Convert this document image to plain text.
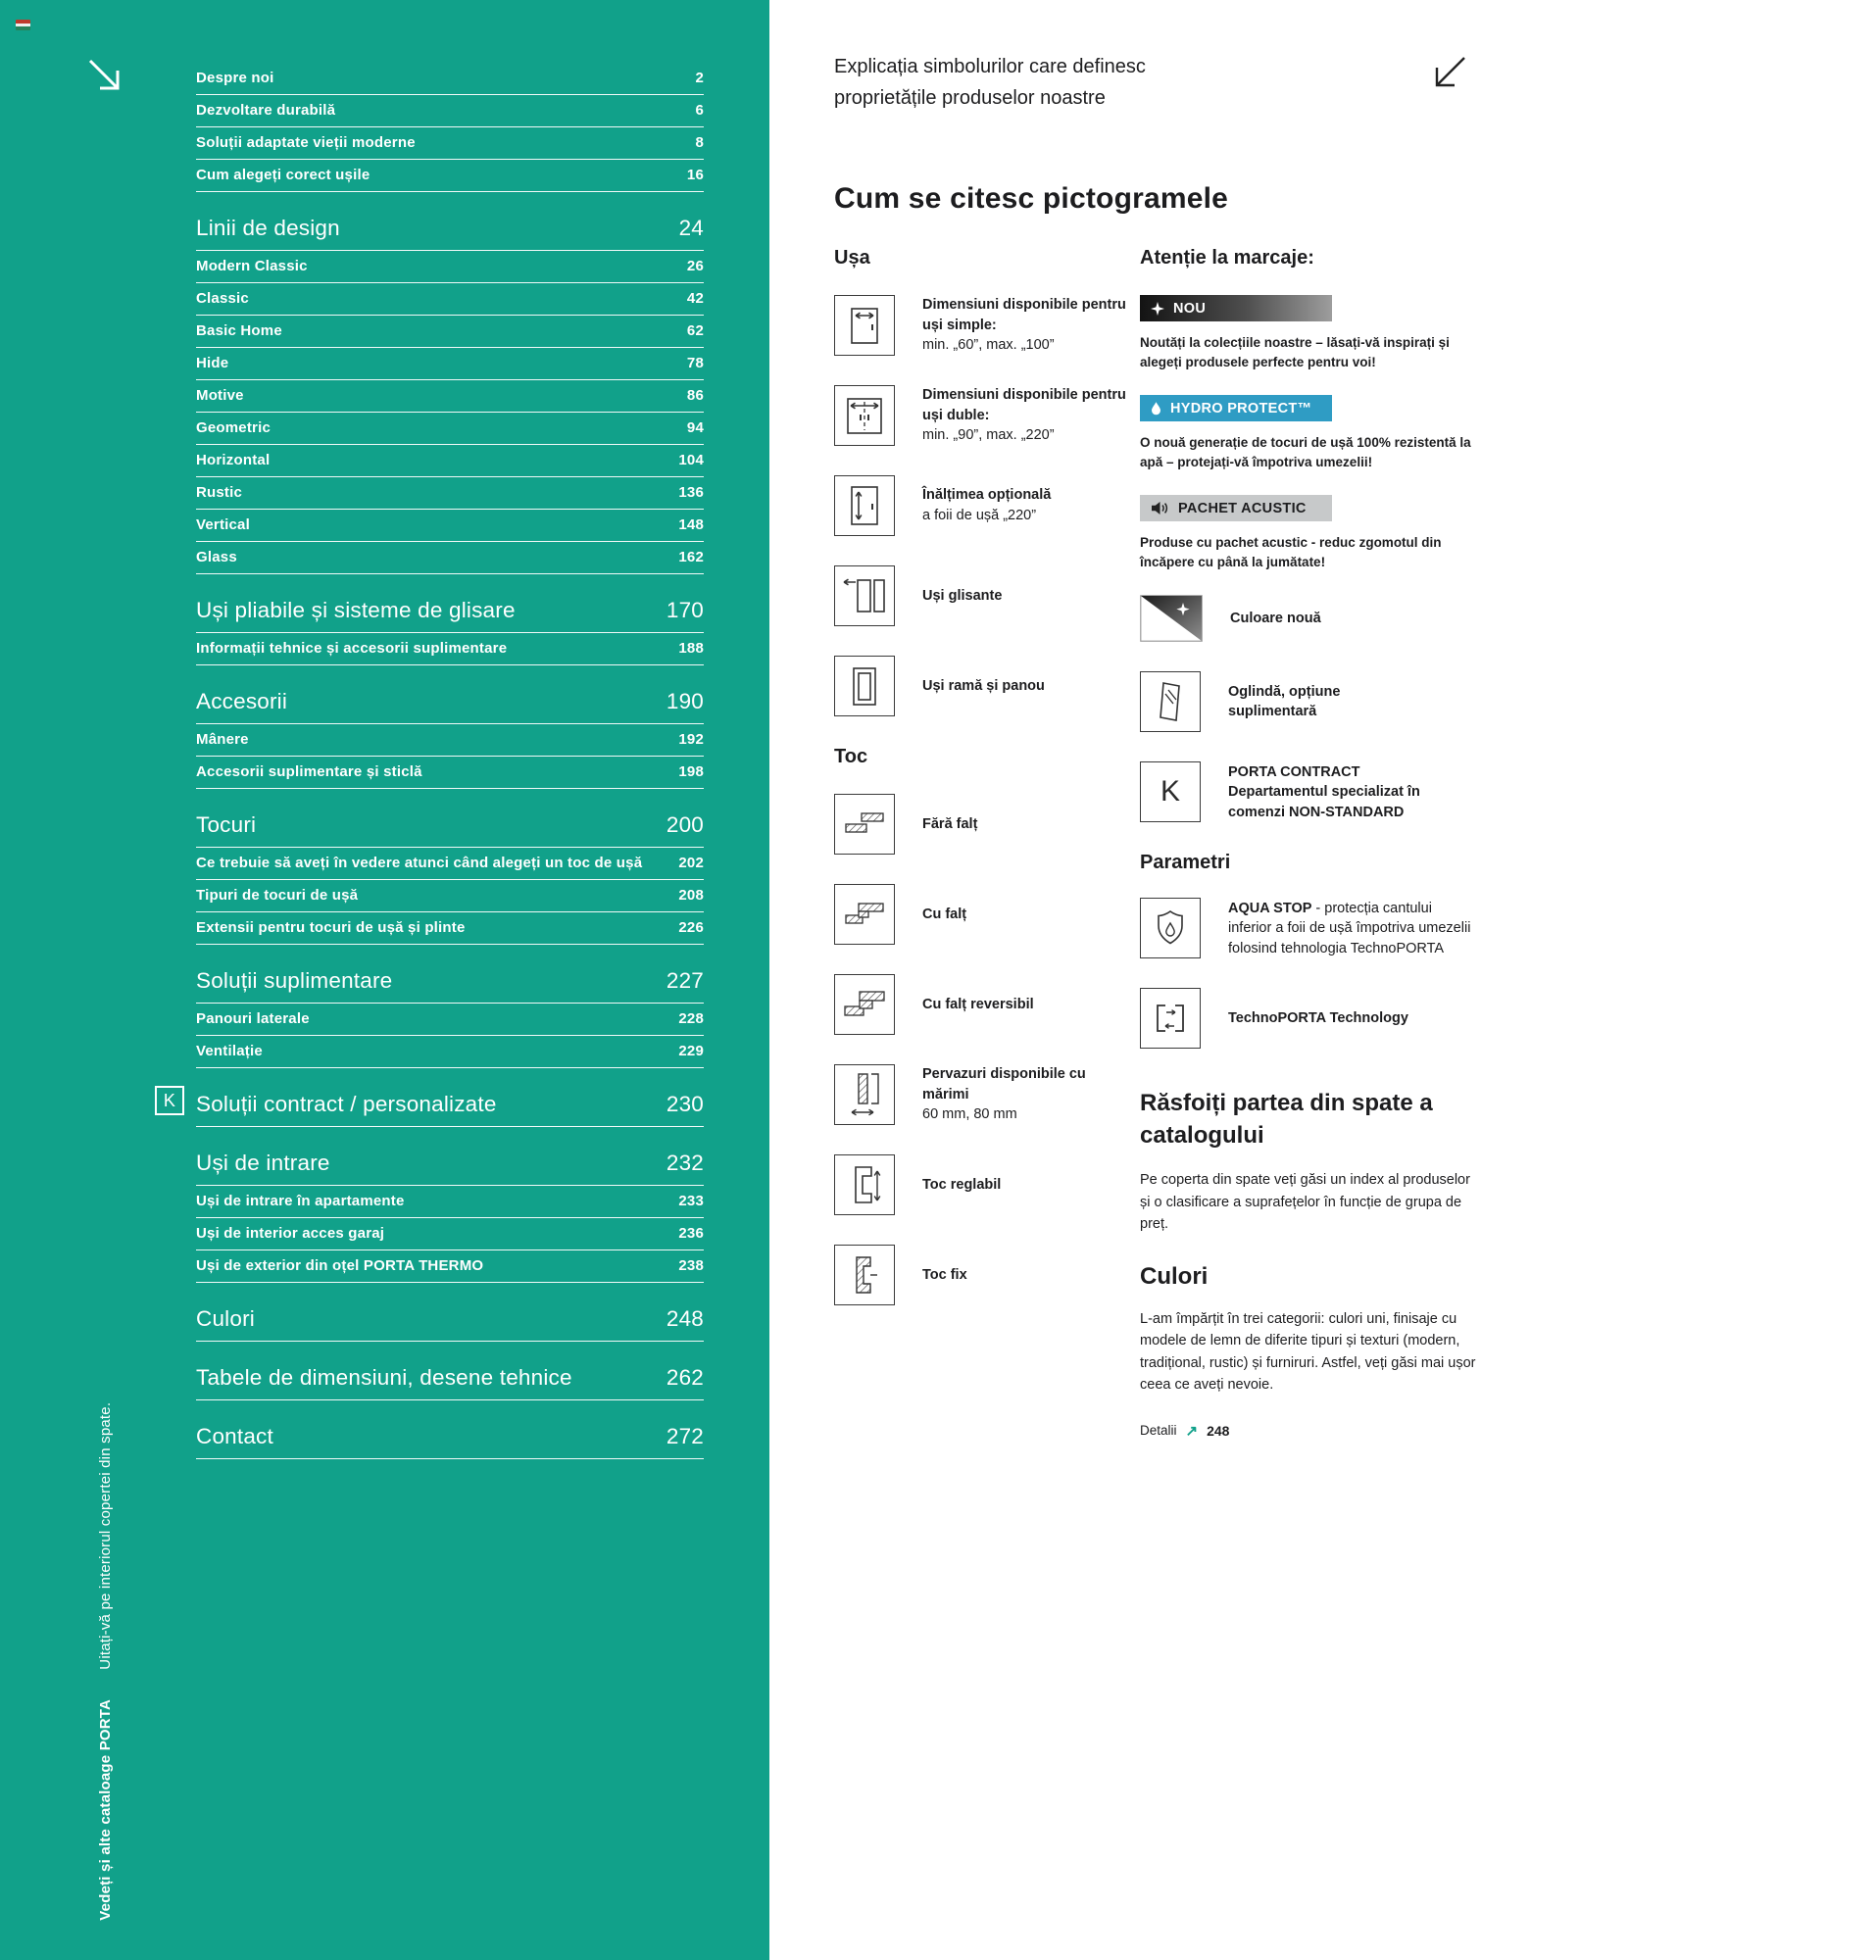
Vedeți și alte cataloage PORTAUitați-vă pe interiorul copertei din spate.
Despre noi	2
Dezvoltare durabilă	6
Soluții adaptate vieții moderne	8
Cum alegeți corect ușile	16
Linii de design	24
Modern Classic	26
Classic	42
Basic Home	62
Hide	78
Motive	86
Geometric	94
Horizontal	104
Rustic	136
Vertical	148
Glass	162
Uși pliabile și sisteme de glisare	170
Informații tehnice și accesorii suplimentare	188
Accesorii	190
Mânere	192
Accesorii suplimentare și sticlă	198
Tocuri	200
Ce trebuie să aveți în vedere atunci când alegeți un toc de ușă 202
Tipuri de tocuri de ușă	208
Extensii pentru tocuri de ușă și plinte	226
Soluții suplimentare	227
Panouri laterale	228
Ventilație	229
K Soluții contract / personalizate	230
Uși de intrare	232
Uși de intrare în apartamente	233
Uși de interior acces garaj	236
Uși de exterior din oțel PORTA THERMO	238
Culori	248
Tabele de dimensiuni, desene tehnice	262
Contact	272

Explicația simbolurilor care definesc proprietățile produselor noastre

Cum se citesc pictogramele
Ușa
Dimensiuni disponibile pentru uși simple:
min. „60”, max. „100”
Dimensiuni disponibile pentru uși duble:
min. „90”, max. „220”
Înălțimea opțională
a foii de ușă „220”
Uși glisante
Uși ramă și panou
Toc
Fără falț
Cu falț
Cu falț reversibil
Pervazuri disponibile cu mărimi
60 mm, 80 mm
Toc reglabil
Toc fix
Atenție la marcaje:
NOU

Noutăți la colecțiile noastre – lăsați-vă inspirați și alegeți produsele perfecte pentru voi!

HYDRO PROTECT™

O nouă generație de tocuri de ușă 100% rezistentă la apă – protejați-vă împotriva umezelii!

PACHET ACUSTIC

Produse cu pachet acustic - reduc zgomotul din încăpere cu până la jumătate!

Culoare nouă
Oglindă, opțiune suplimentară
K
PORTA CONTRACT
Departamentul specializat în comenzi NON-STANDARD
Parametri
AQUA STOP - protecția cantului inferior a foii de ușă împotriva umezelii folosind tehnologia TechnoPORTA
TechnoPORTA Technology
Răsfoiți partea din spate a catalogului

Pe coperta din spate veți găsi un index al produselor și o clasificare a suprafețelor în funcție de grupa de preț.

Culori

L-am împărțit în trei categorii: culori uni, finisaje cu modele de lemn de diferite tipuri și texturi (modern, tradițional, rustic) și furniruri. Astfel, veți găsi mai ușor ceea ce aveți nevoie.

Detalii ↗ 248
